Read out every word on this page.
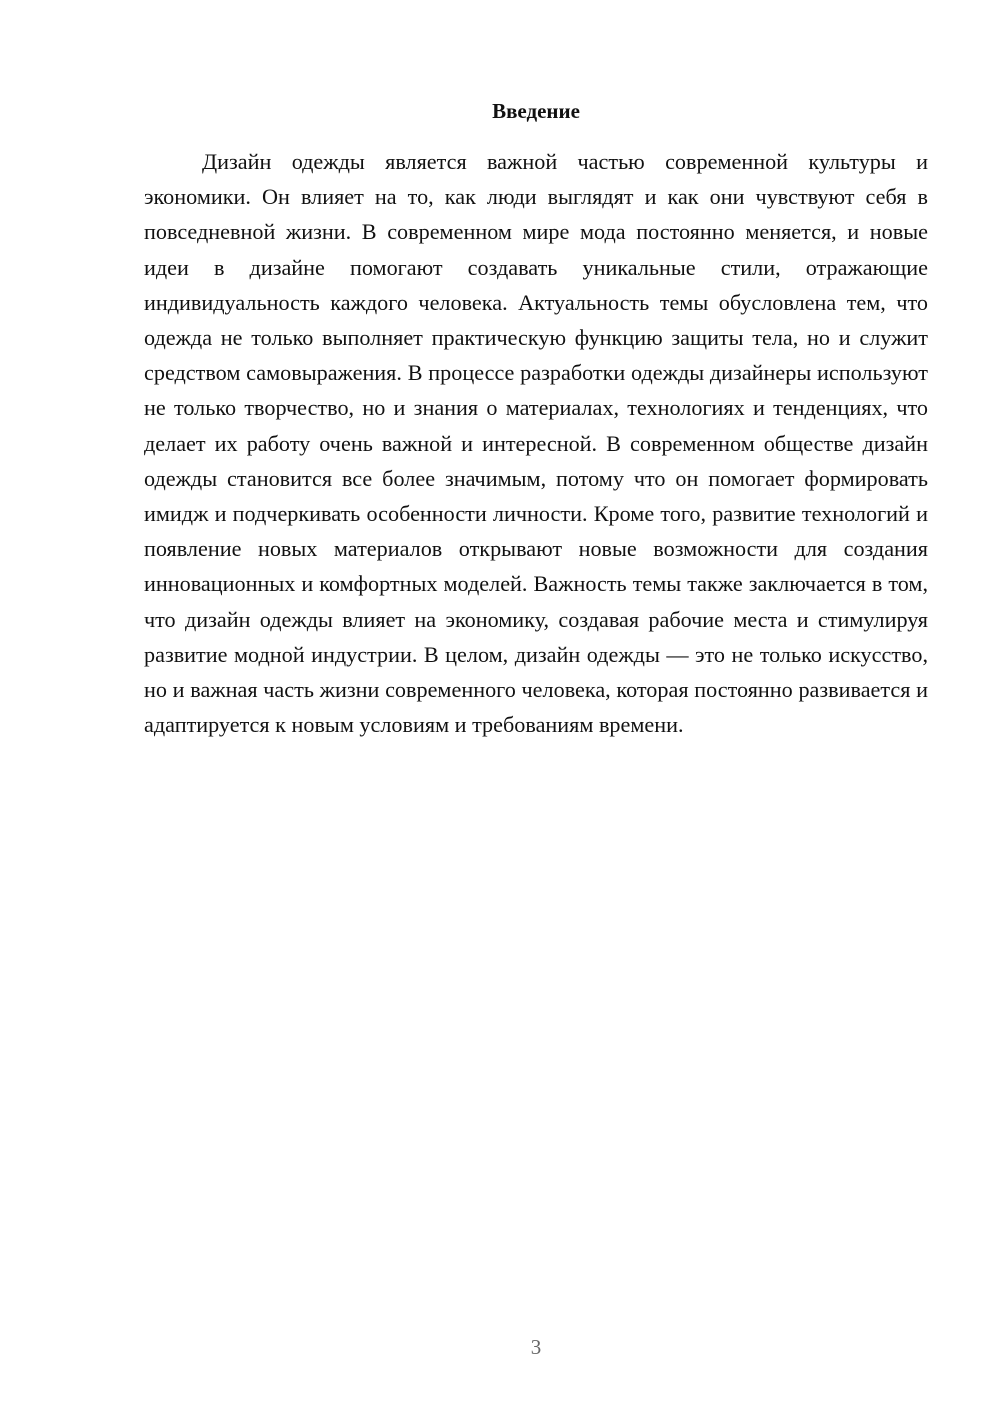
Введение

Дизайн одежды является важной частью современной культуры и экономики. Он влияет на то, как люди выглядят и как они чувствуют себя в повседневной жизни. В современном мире мода постоянно меняется, и новые идеи в дизайне помогают создавать уникальные стили, отражающие индивидуальность каждого человека. Актуальность темы обусловлена тем, что одежда не только выполняет практическую функцию защиты тела, но и служит средством самовыражения. В процессе разработки одежды дизайнеры используют не только творчество, но и знания о материалах, технологиях и тенденциях, что делает их работу очень важной и интересной. В современном обществе дизайн одежды становится все более значимым, потому что он помогает формировать имидж и подчеркивать особенности личности. Кроме того, развитие технологий и появление новых материалов открывают новые возможности для создания инновационных и комфортных моделей. Важность темы также заключается в том, что дизайн одежды влияет на экономику, создавая рабочие места и стимулируя развитие модной индустрии. В целом, дизайн одежды — это не только искусство, но и важная часть жизни современного человека, которая постоянно развивается и адаптируется к новым условиям и требованиям времени.

3
